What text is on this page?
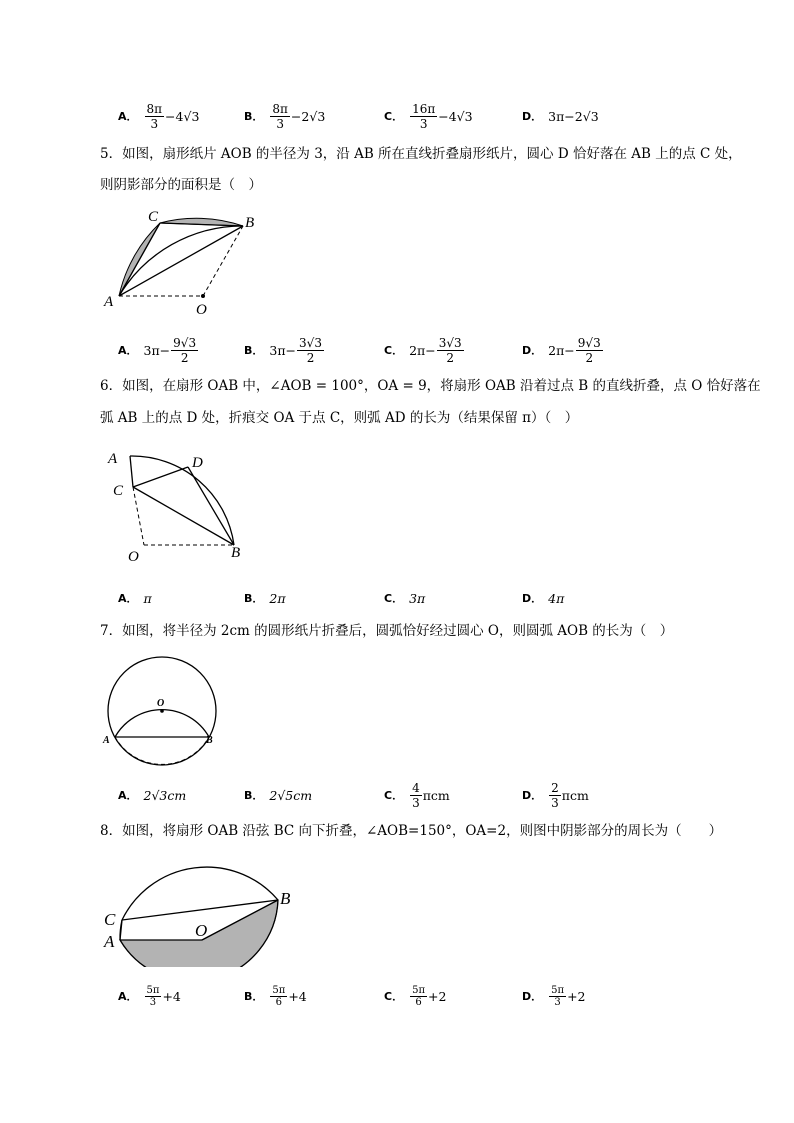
A． $\frac{8\pi}{3} -4√3$	B． $\frac{8\pi}{3} -2√3$	C． $\frac{16\pi}{3} -4√3$	D． 3π−2√3
5．如图，扇形纸片 AOB 的半径为 3，沿 AB 所在直线折叠扇形纸片，圆心 D 恰好落在 AB 上的点 C 处，
则阴影部分的面积是（　）
A
C	B
O
A． $3\pi- \frac{9√3}{2}$	B． $3\pi- \frac{3√3}{2}$	C． $2\pi- \frac{3√3}{2}$	D． $2\pi- \frac{9√3}{2}$
6．如图，在扇形 OAB 中，∠AOB = 100°，OA = 9，将扇形 OAB 沿着过点 B 的直线折叠，点 O 恰好落在
弧 AB 上的点 D 处，折痕交 OA 于点 C，则弧 AD 的长为（结果保留 π）（　）
A
C
D
O	B
A． π	B． 2π	C． 3π	D． 4π
7．如图，将半径为 2cm 的圆形纸片折叠后，圆弧恰好经过圆心 O，则圆弧 AOB 的长为（　）
O
A	B
A． 2√3cm	B． 2√5cm	C． $\frac{4}{3}$ πcm	D． $\frac{2}{3}$ πcm
8．如图，将扇形 OAB 沿弦 BC 向下折叠，∠AOB=150°，OA=2，则图中阴影部分的周长为（　　）
C
A
O
B
A． $\frac{5\pi}{3} +4$	B． $\frac{5\pi}{6} +4$	C． $\frac{5\pi}{6} +2$	D． $\frac{5\pi}{3} +2$
